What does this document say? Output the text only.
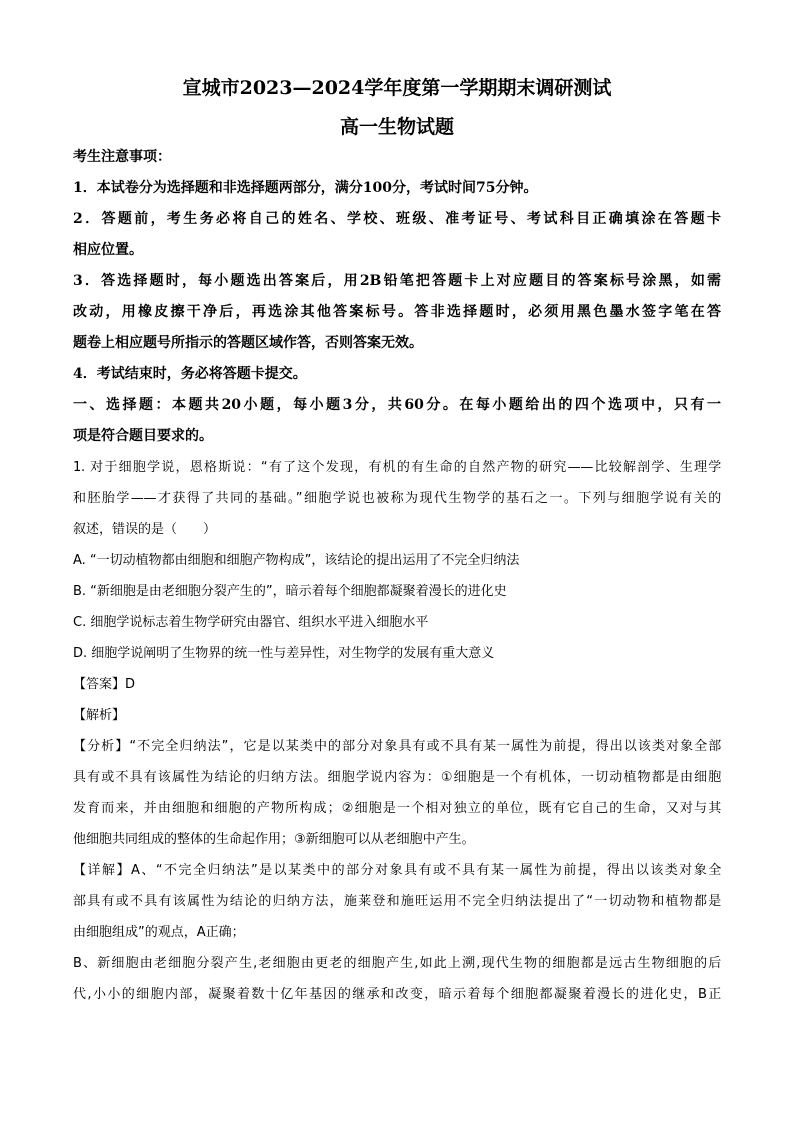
宣城市2023—2024学年度第一学期期末调研测试
高一生物试题

考生注意事项：

1．本试卷分为选择题和非选择题两部分，满分100分，考试时间75分钟。

2．答题前，考生务必将自己的姓名、学校、班级、准考证号、考试科目正确填涂在答题卡

相应位置。

3．答选择题时，每小题选出答案后，用2B铅笔把答题卡上对应题目的答案标号涂黑，如需

改动，用橡皮擦干净后，再选涂其他答案标号。答非选择题时，必须用黑色墨水签字笔在答

题卷上相应题号所指示的答题区域作答，否则答案无效。

4．考试结束时，务必将答题卡提交。

一、选择题：本题共20小题，每小题3分，共60分。在每小题给出的四个选项中，只有一

项是符合题目要求的。

1. 对于细胞学说，恩格斯说：“有了这个发现，有机的有生命的自然产物的研究——比较解剖学、生理学

和胚胎学——才获得了共同的基础。”细胞学说也被称为现代生物学的基石之一。下列与细胞学说有关的

叙述，错误的是（　　）

A. “一切动植物都由细胞和细胞产物构成”，该结论的提出运用了不完全归纳法

B. “新细胞是由老细胞分裂产生的”，暗示着每个细胞都凝聚着漫长的进化史

C. 细胞学说标志着生物学研究由器官、组织水平进入细胞水平

D. 细胞学说阐明了生物界的统一性与差异性，对生物学的发展有重大意义

【答案】D

【解析】

【分析】“不完全归纳法”，它是以某类中的部分对象具有或不具有某一属性为前提，得出以该类对象全部

具有或不具有该属性为结论的归纳方法。细胞学说内容为：①细胞是一个有机体，一切动植物都是由细胞

发育而来，并由细胞和细胞的产物所构成；②细胞是一个相对独立的单位，既有它自己的生命，又对与其

他细胞共同组成的整体的生命起作用；③新细胞可以从老细胞中产生。

【详解】A、“不完全归纳法”是以某类中的部分对象具有或不具有某一属性为前提，得出以该类对象全

部具有或不具有该属性为结论的归纳方法，施莱登和施旺运用不完全归纳法提出了“一切动物和植物都是

由细胞组成”的观点，A正确；

B、新细胞由老细胞分裂产生,老细胞由更老的细胞产生,如此上溯,现代生物的细胞都是远古生物细胞的后

代,小小的细胞内部，凝聚着数十亿年基因的继承和改变，暗示着每个细胞都凝聚着漫长的进化史，B正
